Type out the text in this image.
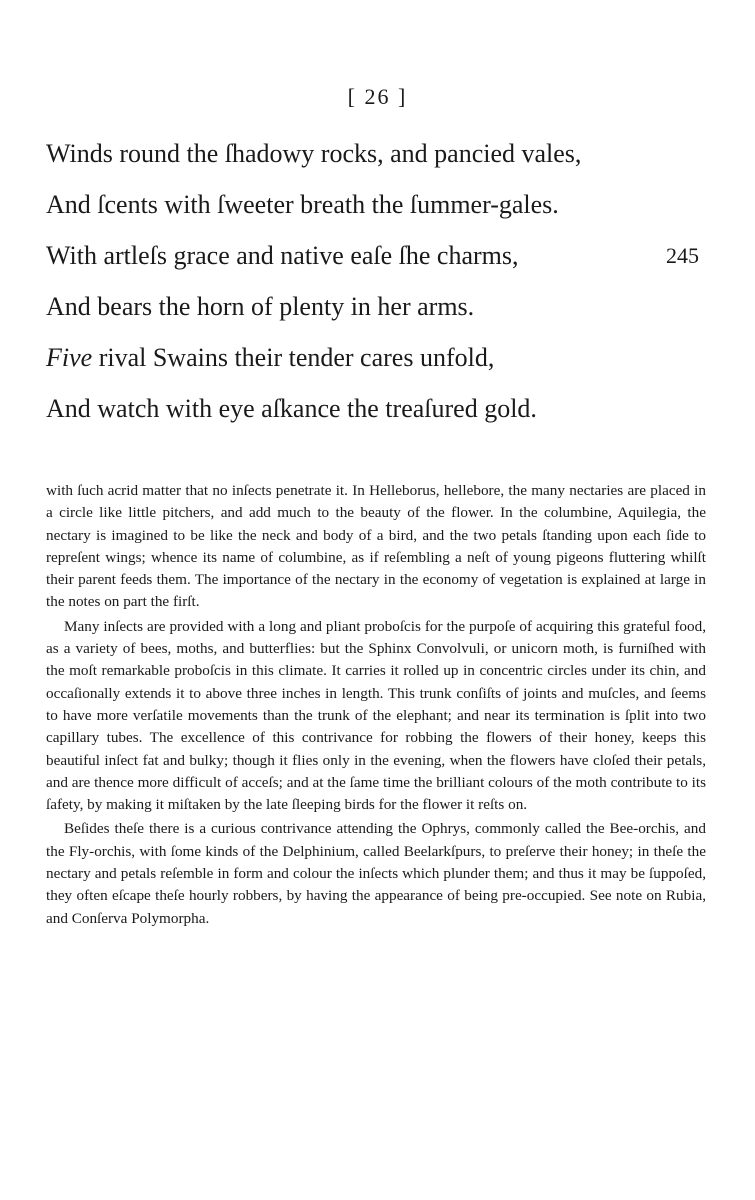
[ 26 ]
Winds round the ſhadowy rocks, and pancied vales,
And ſcents with ſweeter breath the ſummer-gales.
With artleſs grace and native eaſe ſhe charms,	245
And bears the horn of plenty in her arms.
Five rival Swains their tender cares unfold,
And watch with eye aſkance the treaſured gold.

with ſuch acrid matter that no inſects penetrate it. In Helleborus, hellebore, the many nectaries are placed in a circle like little pitchers, and add much to the beauty of the flower. In the columbine, Aquilegia, the nectary is imagined to be like the neck and body of a bird, and the two petals ſtanding upon each ſide to repreſent wings; whence its name of columbine, as if reſembling a neſt of young pigeons fluttering whilſt their parent feeds them. The importance of the nectary in the economy of vegetation is explained at large in the notes on part the firſt.

Many inſects are provided with a long and pliant proboſcis for the purpoſe of acquiring this grateful food, as a variety of bees, moths, and butterflies: but the Sphinx Convolvuli, or unicorn moth, is furniſhed with the moſt remarkable proboſcis in this climate. It carries it rolled up in concentric circles under its chin, and occaſionally extends it to above three inches in length. This trunk conſiſts of joints and muſcles, and ſeems to have more verſatile movements than the trunk of the elephant; and near its termination is ſplit into two capillary tubes. The excellence of this contrivance for robbing the flowers of their honey, keeps this beautiful inſect fat and bulky; though it flies only in the evening, when the flowers have cloſed their petals, and are thence more difficult of acceſs; and at the ſame time the brilliant colours of the moth contribute to its ſafety, by making it miſtaken by the late ſleeping birds for the flower it reſts on.

Beſides theſe there is a curious contrivance attending the Ophrys, commonly called the Bee-orchis, and the Fly-orchis, with ſome kinds of the Delphinium, called Beelarkſpurs, to preſerve their honey; in theſe the nectary and petals reſemble in form and colour the inſects which plunder them; and thus it may be ſuppoſed, they often eſcape theſe hourly robbers, by having the appearance of being pre-occupied. See note on Rubia, and Conſerva Polymorpha.
